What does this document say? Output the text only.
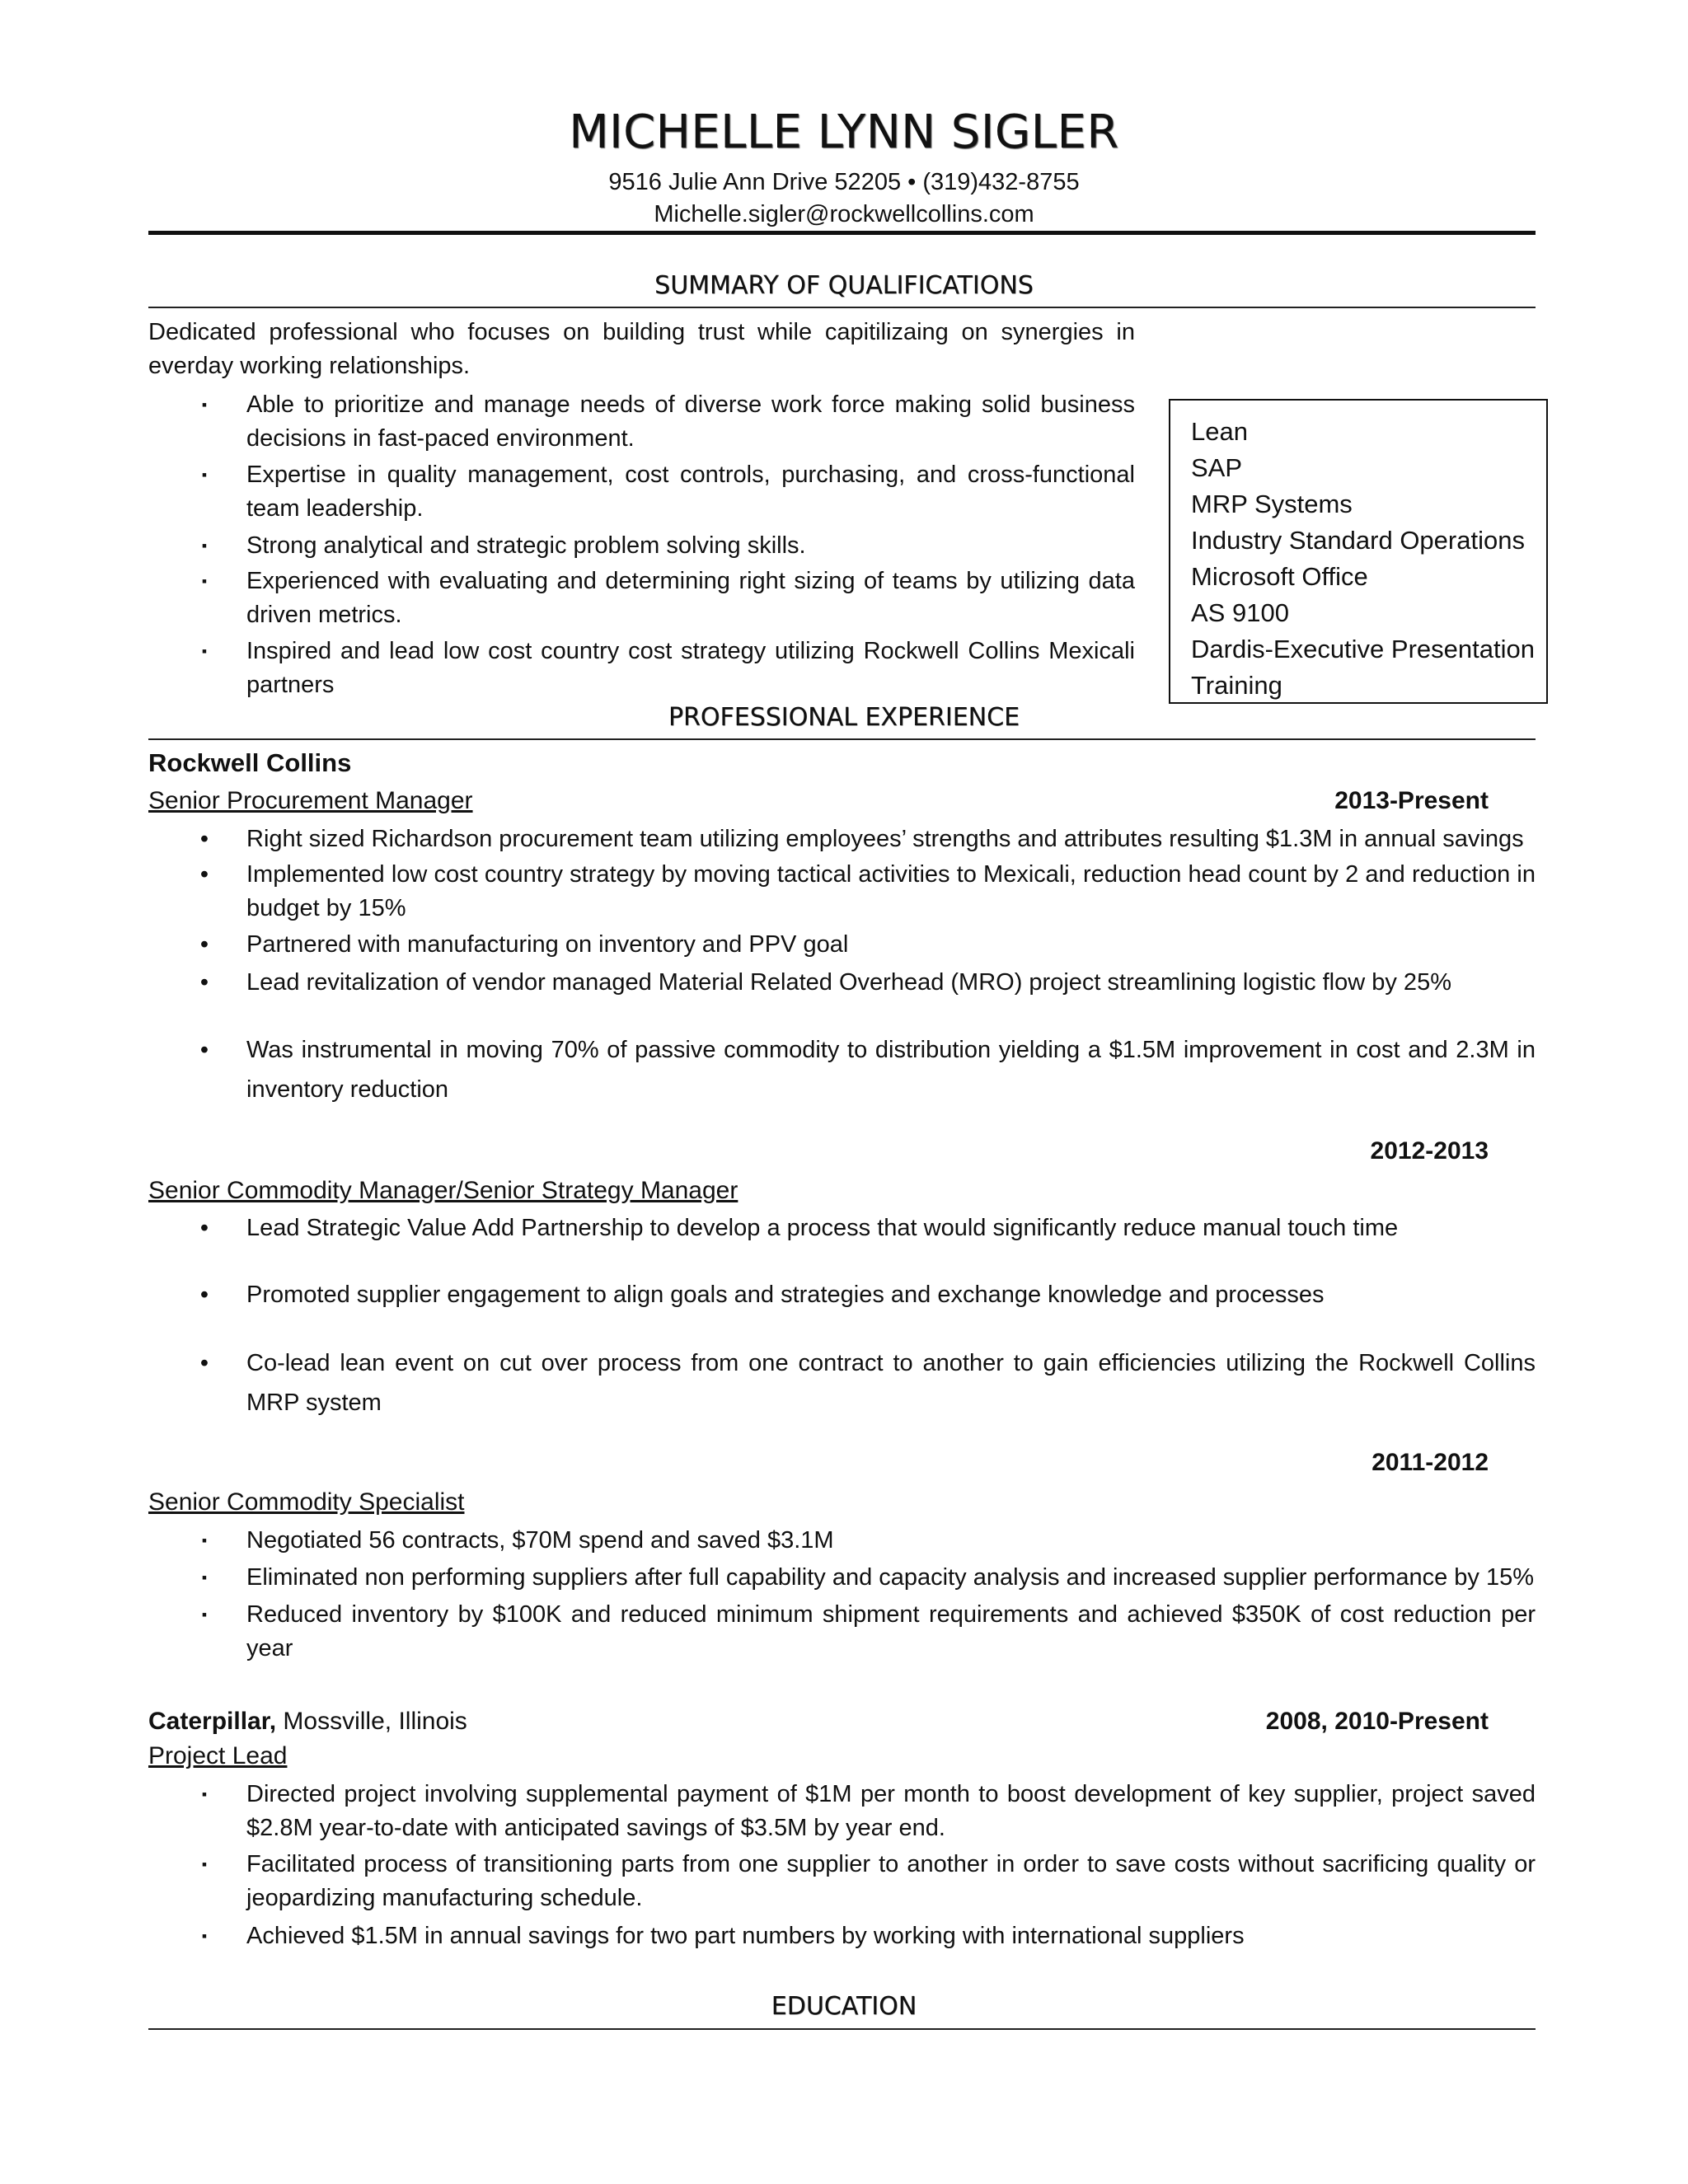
MICHELLE LYNN SIGLER
9516 Julie Ann Drive 52205 • (319)432-8755
Michelle.sigler@rockwellcollins.com
SUMMARY OF QUALIFICATIONS
Dedicated professional who focuses on building trust while capitilizaing on synergies in everday working relationships.
▪	Able to prioritize and manage needs of diverse work force making solid business decisions in fast-paced environment.
▪	Expertise in quality management, cost controls, purchasing, and cross-functional team leadership.
▪	Strong analytical and strategic problem solving skills.
▪	Experienced with evaluating and determining right sizing of teams by utilizing data driven metrics.
▪	Inspired and lead low cost country cost strategy utilizing Rockwell Collins Mexicali partners
Lean
SAP
MRP Systems
Industry Standard Operations
Microsoft Office
AS 9100
Dardis-Executive Presentation
Training
PROFESSIONAL EXPERIENCE
Rockwell Collins
Senior Procurement Manager	2013-Present
•	Right sized Richardson procurement team utilizing employees’ strengths and attributes resulting $1.3M in annual savings
•	Implemented low cost country strategy by moving tactical activities to Mexicali, reduction head count by 2 and reduction in budget by 15%
•	Partnered with manufacturing on inventory and PPV goal
•	Lead revitalization of vendor managed Material Related Overhead (MRO) project streamlining logistic flow by 25%
•	Was instrumental in moving 70% of passive commodity to distribution yielding a $1.5M improvement in cost and 2.3M in inventory reduction
2012-2013
Senior Commodity Manager/Senior Strategy Manager
•	Lead Strategic Value Add Partnership to develop a process that would significantly reduce manual touch time
•	Promoted supplier engagement to align goals and strategies and exchange knowledge and processes
•	Co-lead lean event on cut over process from one contract to another to gain efficiencies utilizing the Rockwell Collins MRP system
2011-2012
Senior Commodity Specialist
▪	Negotiated 56 contracts, $70M spend and saved $3.1M
▪	Eliminated non performing suppliers after full capability and capacity analysis and increased supplier performance by 15%
▪	Reduced inventory by $100K and reduced minimum shipment requirements and achieved $350K of cost reduction per year
Caterpillar, Mossville, Illinois	2008, 2010-Present
Project Lead
▪	Directed project involving supplemental payment of $1M per month to boost development of key supplier, project saved $2.8M year-to-date with anticipated savings of $3.5M by year end.
▪	Facilitated process of transitioning parts from one supplier to another in order to save costs without sacrificing quality or jeopardizing manufacturing schedule.
▪	Achieved $1.5M in annual savings for two part numbers by working with international suppliers
EDUCATION
